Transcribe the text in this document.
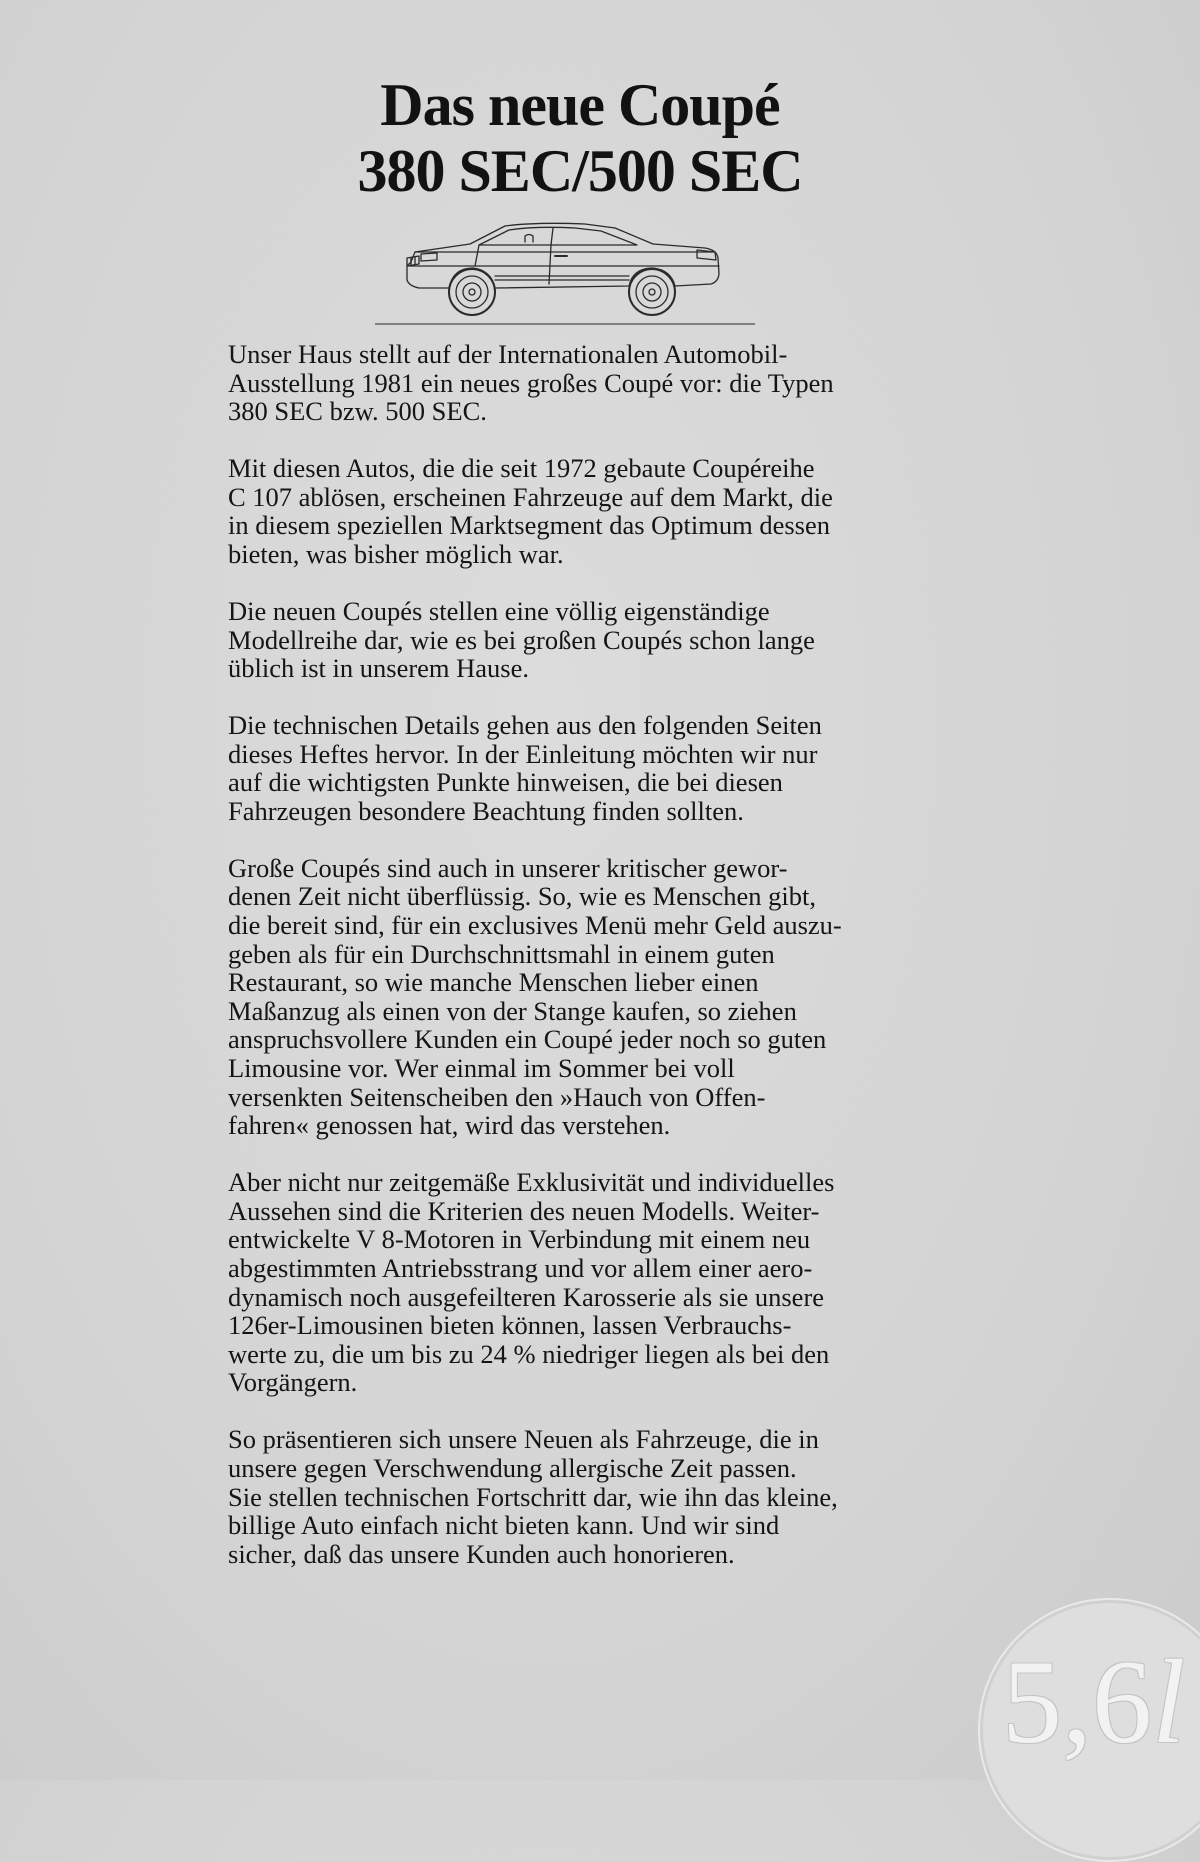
Das neue Coupé
380 SEC/500 SEC

Unser Haus stellt auf der Internationalen Automobil-
Ausstellung 1981 ein neues großes Coupé vor: die Typen
380 SEC bzw. 500 SEC.

Mit diesen Autos, die die seit 1972 gebaute Coupéreihe
C 107 ablösen, erscheinen Fahrzeuge auf dem Markt, die
in diesem speziellen Marktsegment das Optimum dessen
bieten, was bisher möglich war.

Die neuen Coupés stellen eine völlig eigenständige
Modellreihe dar, wie es bei großen Coupés schon lange
üblich ist in unserem Hause.

Die technischen Details gehen aus den folgenden Seiten
dieses Heftes hervor. In der Einleitung möchten wir nur
auf die wichtigsten Punkte hinweisen, die bei diesen
Fahrzeugen besondere Beachtung finden sollten.

Große Coupés sind auch in unserer kritischer gewor-
denen Zeit nicht überflüssig. So, wie es Menschen gibt,
die bereit sind, für ein exclusives Menü mehr Geld auszu-
geben als für ein Durchschnittsmahl in einem guten
Restaurant, so wie manche Menschen lieber einen
Maßanzug als einen von der Stange kaufen, so ziehen
anspruchsvollere Kunden ein Coupé jeder noch so guten
Limousine vor. Wer einmal im Sommer bei voll
versenkten Seitenscheiben den »Hauch von Offen-
fahren« genossen hat, wird das verstehen.

Aber nicht nur zeitgemäße Exklusivität und individuelles
Aussehen sind die Kriterien des neuen Modells. Weiter-
entwickelte V 8-Motoren in Verbindung mit einem neu
abgestimmten Antriebsstrang und vor allem einer aero-
dynamisch noch ausgefeilteren Karosserie als sie unsere
126er-Limousinen bieten können, lassen Verbrauchs-
werte zu, die um bis zu 24 % niedriger liegen als bei den
Vorgängern.

So präsentieren sich unsere Neuen als Fahrzeuge, die in
unsere gegen Verschwendung allergische Zeit passen.
Sie stellen technischen Fortschritt dar, wie ihn das kleine,
billige Auto einfach nicht bieten kann. Und wir sind
sicher, daß das unsere Kunden auch honorieren.

5,6l
